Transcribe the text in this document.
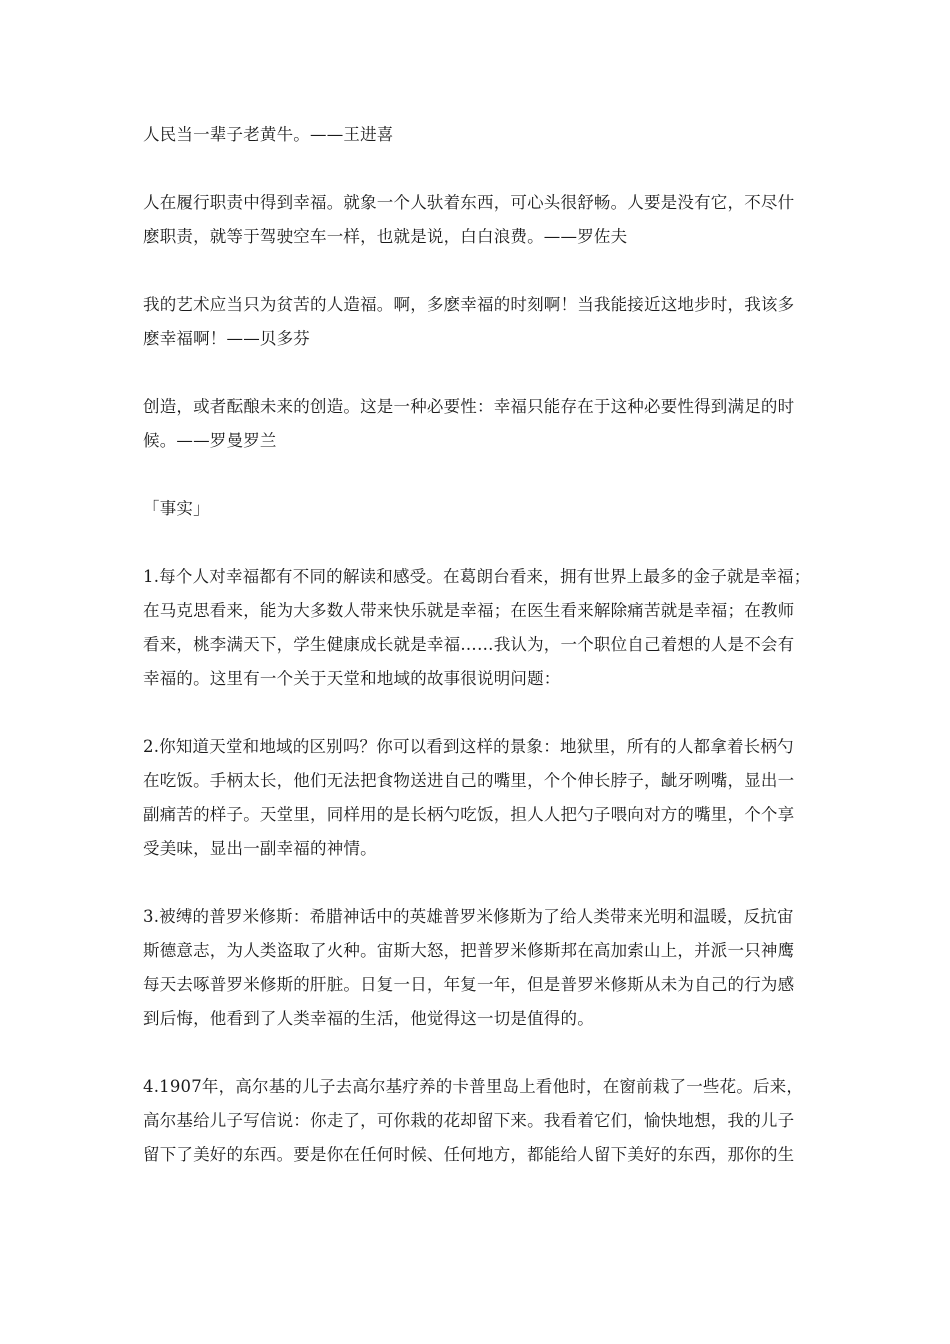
人民当一辈子老黄牛。——王进喜

人在履行职责中得到幸福。就象一个人驮着东西，可心头很舒畅。人要是没有它，不尽什
麽职责，就等于驾驶空车一样，也就是说，白白浪费。——罗佐夫

我的艺术应当只为贫苦的人造福。啊，多麽幸福的时刻啊！当我能接近这地步时，我该多
麽幸福啊！——贝多芬

创造，或者酝酿未来的创造。这是一种必要性：幸福只能存在于这种必要性得到满足的时
候。——罗曼罗兰

「事实」

1.每个人对幸福都有不同的解读和感受。在葛朗台看来，拥有世界上最多的金子就是幸福；
在马克思看来，能为大多数人带来快乐就是幸福；在医生看来解除痛苦就是幸福；在教师
看来，桃李满天下，学生健康成长就是幸福……我认为，一个职位自己着想的人是不会有
幸福的。这里有一个关于天堂和地域的故事很说明问题：

2.你知道天堂和地域的区别吗？你可以看到这样的景象：地狱里，所有的人都拿着长柄勺
在吃饭。手柄太长，他们无法把食物送进自己的嘴里，个个伸长脖子，龇牙咧嘴，显出一
副痛苦的样子。天堂里，同样用的是长柄勺吃饭，担人人把勺子喂向对方的嘴里，个个享
受美味，显出一副幸福的神情。

3.被缚的普罗米修斯：希腊神话中的英雄普罗米修斯为了给人类带来光明和温暖，反抗宙
斯德意志，为人类盗取了火种。宙斯大怒，把普罗米修斯邦在高加索山上，并派一只神鹰
每天去啄普罗米修斯的肝脏。日复一日，年复一年，但是普罗米修斯从未为自己的行为感
到后悔，他看到了人类幸福的生活，他觉得这一切是值得的。

4.1907年，高尔基的儿子去高尔基疗养的卡普里岛上看他时，在窗前栽了一些花。后来，
高尔基给儿子写信说：你走了，可你栽的花却留下来。我看着它们，愉快地想，我的儿子
留下了美好的东西。要是你在任何时候、任何地方，都能给人留下美好的东西，那你的生
